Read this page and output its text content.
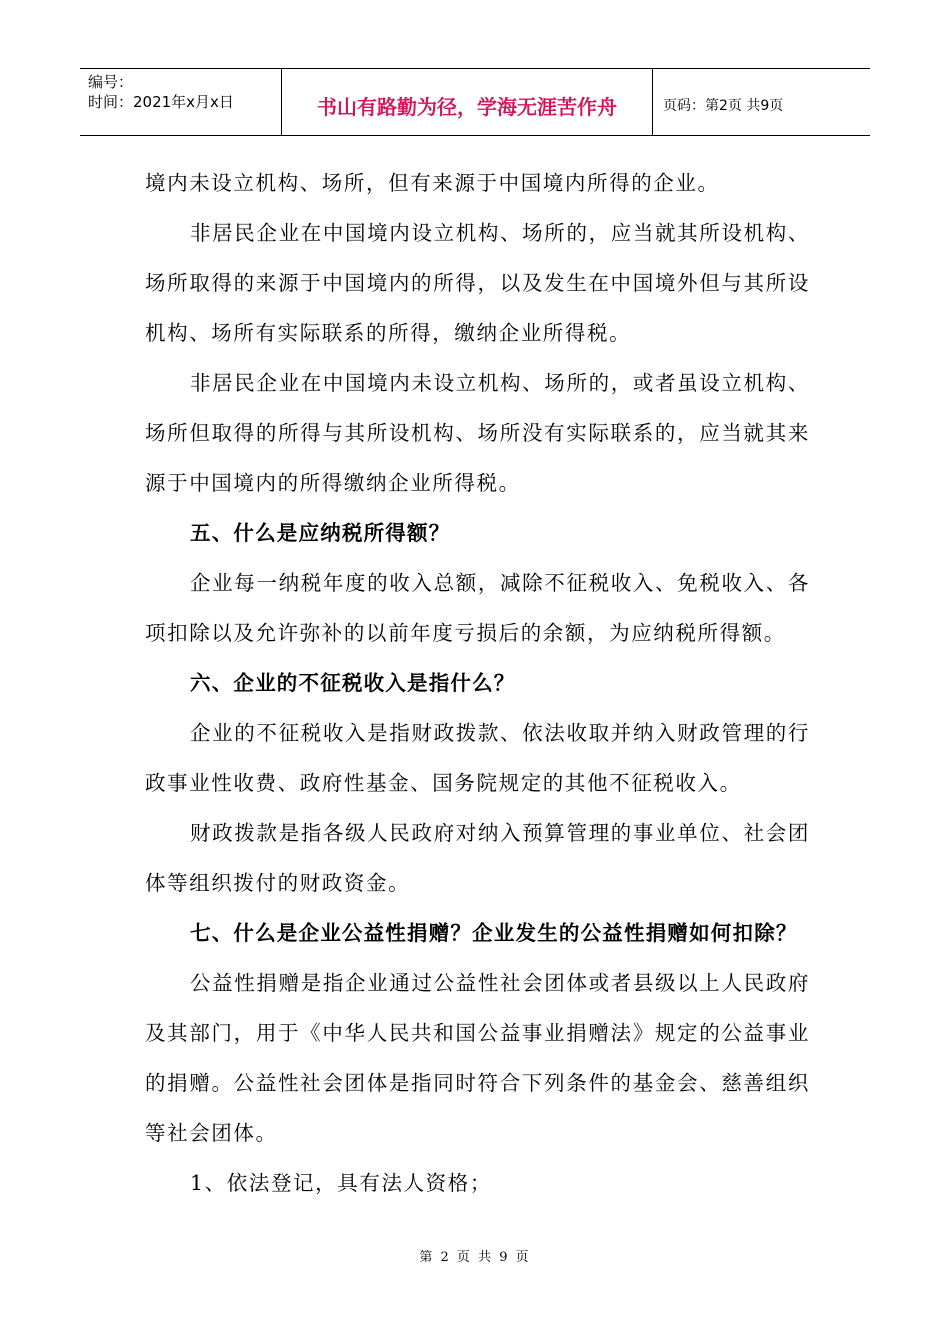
编号：
时间：2021年x月x日	书山有路勤为径，学海无涯苦作舟	页码：第2页 共9页

境内未设立机构、场所，但有来源于中国境内所得的企业。

非居民企业在中国境内设立机构、场所的，应当就其所设机构、场所取得的来源于中国境内的所得，以及发生在中国境外但与其所设机构、场所有实际联系的所得，缴纳企业所得税。

非居民企业在中国境内未设立机构、场所的，或者虽设立机构、场所但取得的所得与其所设机构、场所没有实际联系的，应当就其来源于中国境内的所得缴纳企业所得税。

五、什么是应纳税所得额？

企业每一纳税年度的收入总额，减除不征税收入、免税收入、各项扣除以及允许弥补的以前年度亏损后的余额，为应纳税所得额。

六、企业的不征税收入是指什么？

企业的不征税收入是指财政拨款、依法收取并纳入财政管理的行政事业性收费、政府性基金、国务院规定的其他不征税收入。

财政拨款是指各级人民政府对纳入预算管理的事业单位、社会团体等组织拨付的财政资金。

七、什么是企业公益性捐赠？企业发生的公益性捐赠如何扣除？

公益性捐赠是指企业通过公益性社会团体或者县级以上人民政府及其部门，用于《中华人民共和国公益事业捐赠法》规定的公益事业的捐赠。公益性社会团体是指同时符合下列条件的基金会、慈善组织等社会团体。

1、依法登记，具有法人资格；

第 2 页 共 9 页
